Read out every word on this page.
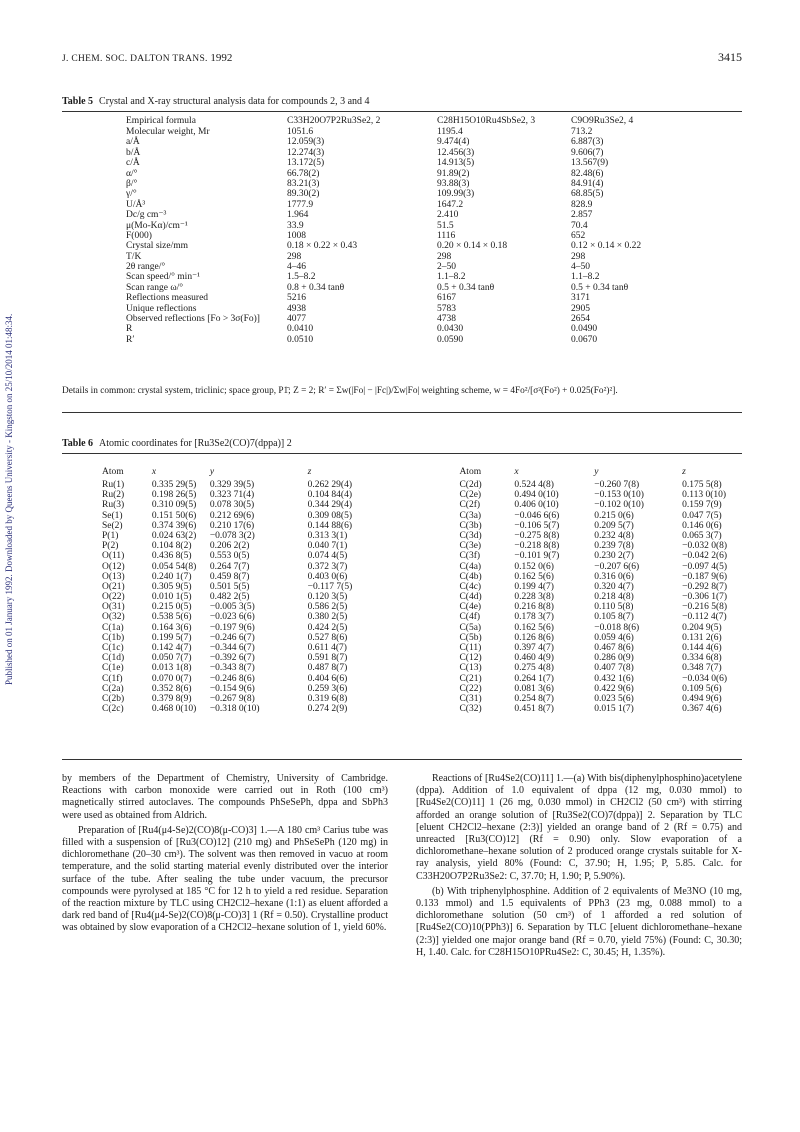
Published on 01 January 1992. Downloaded by Queens University - Kingston on 25/10/2014 01:48:34.
J. CHEM. SOC. DALTON TRANS. 1992	3415
Table 5 Crystal and X-ray structural analysis data for compounds 2, 3 and 4
Empirical formula	C33H20O7P2Ru3Se2, 2	C28H15O10Ru4SbSe2, 3	C9O9Ru3Se2, 4
Molecular weight, Mr	1051.6	1195.4	713.2
a/Å	12.059(3)	9.474(4)	6.887(3)
b/Å	12.274(3)	12.456(3)	9.606(7)
c/Å	13.172(5)	14.913(5)	13.567(9)
α/°	66.78(2)	91.89(2)	82.48(6)
β/°	83.21(3)	93.88(3)	84.91(4)
γ/°	89.30(2)	109.99(3)	68.85(5)
U/Å³	1777.9	1647.2	828.9
Dc/g cm⁻³	1.964	2.410	2.857
μ(Mo-Kα)/cm⁻¹	33.9	51.5	70.4
F(000)	1008	1116	652
Crystal size/mm	0.18 × 0.22 × 0.43	0.20 × 0.14 × 0.18	0.12 × 0.14 × 0.22
T/K	298	298	298
2θ range/°	4–46	2–50	4–50
Scan speed/° min⁻¹	1.5–8.2	1.1–8.2	1.1–8.2
Scan range ω/°	0.8 + 0.34 tanθ	0.5 + 0.34 tanθ	0.5 + 0.34 tanθ
Reflections measured	5216	6167	3171
Unique reflections	4938	5783	2905
Observed reflections [Fo > 3σ(Fo)]	4077	4738	2654
R	0.0410	0.0430	0.0490
R′	0.0510	0.0590	0.0670
Details in common: crystal system, triclinic; space group, P1̄; Z = 2; R′ = Σw(|Fo| − |Fc|)/Σw|Fo| weighting scheme, w = 4Fo²/[σ²(Fo²) + 0.025(Fo²)²].
Table 6 Atomic coordinates for [Ru3Se2(CO)7(dppa)] 2
Atom	x	y	z	Atom	x	y	z
Ru(1)	0.335 29(5)	0.329 39(5)	0.262 29(4)	C(2d)	0.524 4(8)	−0.260 7(8)	0.175 5(8)
Ru(2)	0.198 26(5)	0.323 71(4)	0.104 84(4)	C(2e)	0.494 0(10)	−0.153 0(10)	0.113 0(10)
Ru(3)	0.310 09(5)	0.078 30(5)	0.344 29(4)	C(2f)	0.406 0(10)	−0.102 0(10)	0.159 7(9)
Se(1)	0.151 50(6)	0.212 69(6)	0.309 08(5)	C(3a)	−0.046 6(6)	0.215 0(6)	0.047 7(5)
Se(2)	0.374 39(6)	0.210 17(6)	0.144 88(6)	C(3b)	−0.106 5(7)	0.209 5(7)	0.146 0(6)
P(1)	0.024 63(2)	−0.078 3(2)	0.313 3(1)	C(3d)	−0.275 8(8)	0.232 4(8)	0.065 3(7)
P(2)	0.104 8(2)	0.206 2(2)	0.040 7(1)	C(3e)	−0.218 8(8)	0.239 7(8)	−0.032 0(8)
O(11)	0.436 8(5)	0.553 0(5)	0.074 4(5)	C(3f)	−0.101 9(7)	0.230 2(7)	−0.042 2(6)
O(12)	0.054 54(8)	0.264 7(7)	0.372 3(7)	C(4a)	0.152 0(6)	−0.207 6(6)	−0.097 4(5)
O(13)	0.240 1(7)	0.459 8(7)	0.403 0(6)	C(4b)	0.162 5(6)	0.316 0(6)	−0.187 9(6)
O(21)	0.305 9(5)	0.501 5(5)	−0.117 7(5)	C(4c)	0.199 4(7)	0.320 4(7)	−0.292 8(7)
O(22)	0.010 1(5)	0.482 2(5)	0.120 3(5)	C(4d)	0.228 3(8)	0.218 4(8)	−0.306 1(7)
O(31)	0.215 0(5)	−0.005 3(5)	0.586 2(5)	C(4e)	0.216 8(8)	0.110 5(8)	−0.216 5(8)
O(32)	0.538 5(6)	−0.023 6(6)	0.380 2(5)	C(4f)	0.178 3(7)	0.105 8(7)	−0.112 4(7)
C(1a)	0.164 3(6)	−0.197 9(6)	0.424 2(5)	C(5a)	0.162 5(6)	−0.018 8(6)	0.204 9(5)
C(1b)	0.199 5(7)	−0.246 6(7)	0.527 8(6)	C(5b)	0.126 8(6)	0.059 4(6)	0.131 2(6)
C(1c)	0.142 4(7)	−0.344 6(7)	0.611 4(7)	C(11)	0.397 4(7)	0.467 8(6)	0.144 4(6)
C(1d)	0.050 7(7)	−0.392 6(7)	0.591 8(7)	C(12)	0.460 4(9)	0.286 0(9)	0.334 6(8)
C(1e)	0.013 1(8)	−0.343 8(7)	0.487 8(7)	C(13)	0.275 4(8)	0.407 7(8)	0.348 7(7)
C(1f)	0.070 0(7)	−0.246 8(6)	0.404 6(6)	C(21)	0.264 1(7)	0.432 1(6)	−0.034 0(6)
C(2a)	0.352 8(6)	−0.154 9(6)	0.259 3(6)	C(22)	0.081 3(6)	0.422 9(6)	0.109 5(6)
C(2b)	0.379 8(9)	−0.267 9(8)	0.319 6(8)	C(31)	0.254 8(7)	0.023 5(6)	0.494 9(6)
C(2c)	0.468 0(10)	−0.318 0(10)	0.274 2(9)	C(32)	0.451 8(7)	0.015 1(7)	0.367 4(6)

by members of the Department of Chemistry, University of Cambridge. Reactions with carbon monoxide were carried out in Roth (100 cm³) magnetically stirred autoclaves. The compounds PhSeSePh, dppa and SbPh3 were used as obtained from Aldrich.

Preparation of [Ru4(μ4-Se)2(CO)8(μ-CO)3] 1.—A 180 cm³ Carius tube was filled with a suspension of [Ru3(CO)12] (210 mg) and PhSeSePh (120 mg) in dichloromethane (20–30 cm³). The solvent was then removed in vacuo at room temperature, and the solid starting material evenly distributed over the interior surface of the tube. After sealing the tube under vacuum, the precursor compounds were pyrolysed at 185 °C for 12 h to yield a red residue. Separation of the reaction mixture by TLC using CH2Cl2–hexane (1:1) as eluent afforded a dark red band of [Ru4(μ4-Se)2(CO)8(μ-CO)3] 1 (Rf = 0.50). Crystalline product was obtained by slow evaporation of a CH2Cl2–hexane solution of 1, yield 60%.

Reactions of [Ru4Se2(CO)11] 1.—(a) With bis(diphenylphosphino)acetylene (dppa). Addition of 1.0 equivalent of dppa (12 mg, 0.030 mmol) to [Ru4Se2(CO)11] 1 (26 mg, 0.030 mmol) in CH2Cl2 (50 cm³) with stirring afforded an orange solution of [Ru3Se2(CO)7(dppa)] 2. Separation by TLC [eluent CH2Cl2–hexane (2:3)] yielded an orange band of 2 (Rf = 0.75) and unreacted [Ru3(CO)12] (Rf = 0.90) only. Slow evaporation of a dichloromethane–hexane solution of 2 produced orange crystals suitable for X-ray analysis, yield 80% (Found: C, 37.90; H, 1.95; P, 5.85. Calc. for C33H20O7P2Ru3Se2: C, 37.70; H, 1.90; P, 5.90%).

(b) With triphenylphosphine. Addition of 2 equivalents of Me3NO (10 mg, 0.133 mmol) and 1.5 equivalents of PPh3 (23 mg, 0.088 mmol) to a dichloromethane solution (50 cm³) of 1 afforded a red solution of [Ru4Se2(CO)10(PPh3)] 6. Separation by TLC [eluent dichloromethane–hexane (2:3)] yielded one major orange band (Rf = 0.70, yield 75%) (Found: C, 30.30; H, 1.40. Calc. for C28H15O10PRu4Se2: C, 30.45; H, 1.35%).
